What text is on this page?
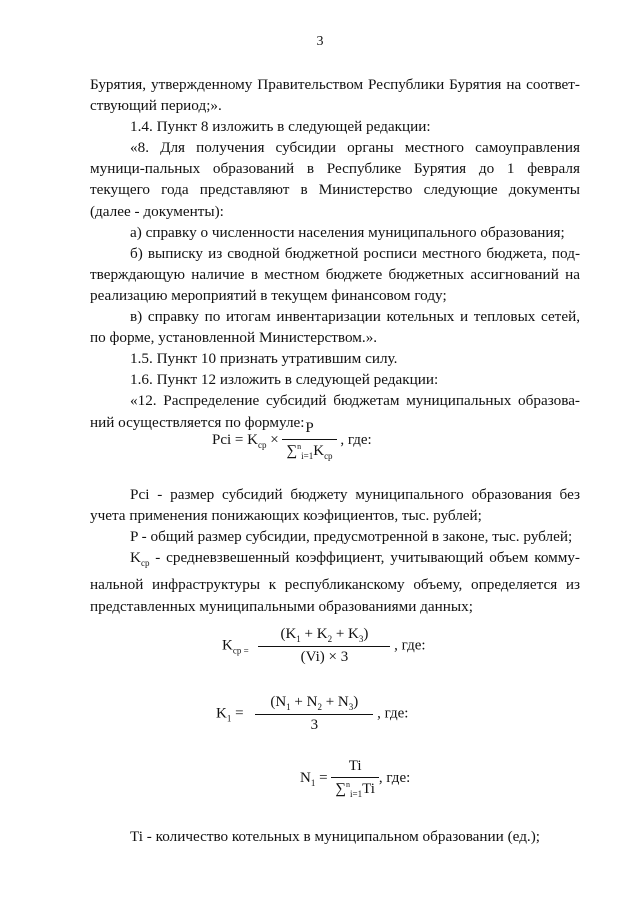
3

Бурятия, утвержденному Правительством Республики Бурятия на соответ-ствующий период;».

1.4. Пункт 8 изложить в следующей редакции:

«8. Для получения субсидии органы местного самоуправления муници-пальных образований в Республике Бурятия до 1 февраля текущего года представляют в Министерство следующие документы (далее - документы):

а) справку о численности населения муниципального образования;

б) выписку из сводной бюджетной росписи местного бюджета, под-тверждающую наличие в местном бюджете бюджетных ассигнований на реализацию мероприятий в текущем финансовом году;

в) справку по итогам инвентаризации котельных и тепловых сетей, по форме, установленной Министерством.».

1.5. Пункт 10 признать утратившим силу.

1.6. Пункт 12 изложить в следующей редакции:

«12. Распределение субсидий бюджетам муниципальных образова-ний осуществляется по формуле:

Pci = $K_{cp} \times \frac{P}{\sum^n_{i=1}K_{cp}}$ , где:

Pci - размер субсидий бюджету муниципального образования без учета применения понижающих коэфициентов, тыс. рублей;

P - общий размер субсидии, предусмотренной в законе, тыс. рублей;

$K_{cp}$ - средневзвешенный коэффициент, учитывающий объем комму-нальной инфраструктуры к республиканскому объему, определяется из представленных муниципальными образованиями данных;

$K_{cp =} \frac{(K_1 + K_2 + K_3)}{(Vi) \times 3}$ , где:
$K_1 = \frac{(N_1 + N_2 + N_3)}{3}$ , где:
$N_1 = \frac{Ti}{\sum^n_{i=1}Ti}$ , где:

Ti - количество котельных в муниципальном образовании (ед.);
